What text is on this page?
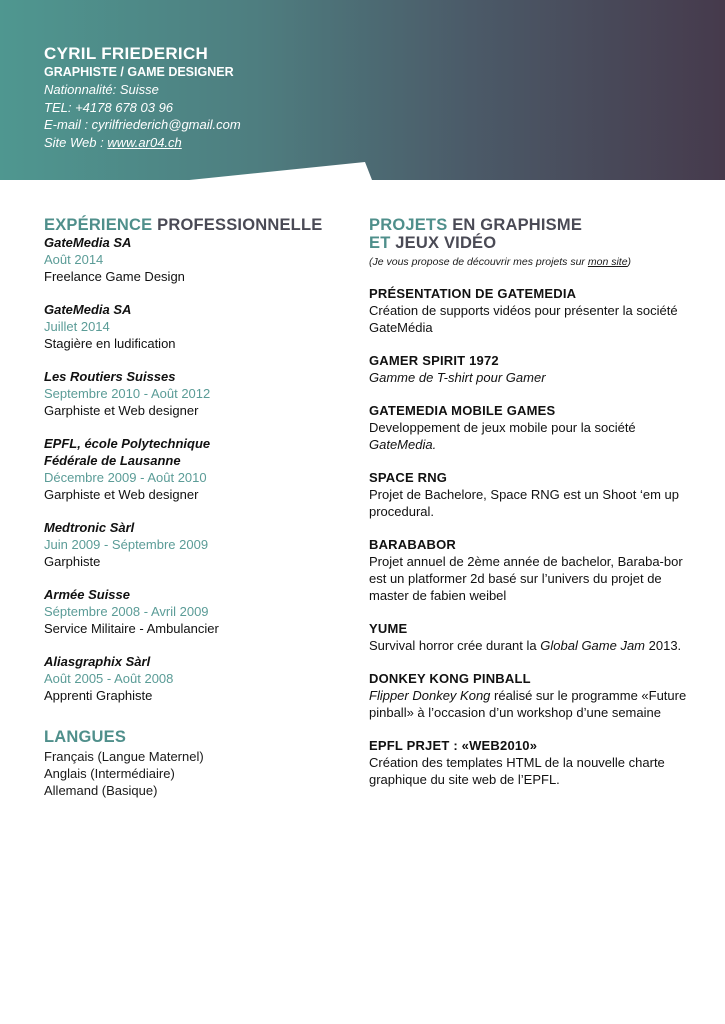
CYRIL FRIEDERICH
GRAPHISTE / GAME DESIGNER
Nationnalité: Suisse
TEL: +4178 678 03 96
E-mail : cyrilfriederich@gmail.com
Site Web : www.ar04.ch
EXPÉRIENCE PROFESSIONNELLE
GateMedia SA
Août 2014
Freelance Game Design
GateMedia SA
Juillet 2014
Stagière en ludification
Les Routiers Suisses
Septembre 2010 - Août 2012
Garphiste et Web designer
EPFL, école Polytechnique
Fédérale de Lausanne
Décembre 2009 - Août 2010
Garphiste et Web designer
Medtronic Sàrl
Juin 2009 - Séptembre 2009
Garphiste
Armée Suisse
Séptembre 2008 - Avril 2009
Service Militaire - Ambulancier
Aliasgraphix Sàrl
Août 2005 - Août 2008
Apprenti Graphiste
LANGUES
Français (Langue Maternel)
Anglais (Intermédiaire)
Allemand (Basique)
PROJETS EN GRAPHISME
ET JEUX VIDÉO
(Je vous propose de découvrir mes projets sur mon site)
PRÉSENTATION DE GATEMEDIA
Création de supports vidéos pour présenter la société GateMédia
GAMER SPIRIT 1972
Gamme de T-shirt pour Gamer
GATEMEDIA MOBILE GAMES
Developpement de jeux mobile pour la société GateMedia.
SPACE RNG
Projet de Bachelore, Space RNG est un Shoot ‘em up procedural.
BARABABOR
Projet annuel de 2ème année de bachelor, Baraba-bor est un platformer 2d basé sur l’univers du projet de master de fabien weibel
YUME
Survival horror crée durant la Global Game Jam 2013.
DONKEY KONG PINBALL
Flipper Donkey Kong réalisé sur le programme «Future pinball» à l’occasion d’un workshop d’une semaine
EPFL PRJET : «WEB2010»
Création des templates HTML de la nouvelle charte graphique du site web de l’EPFL.
